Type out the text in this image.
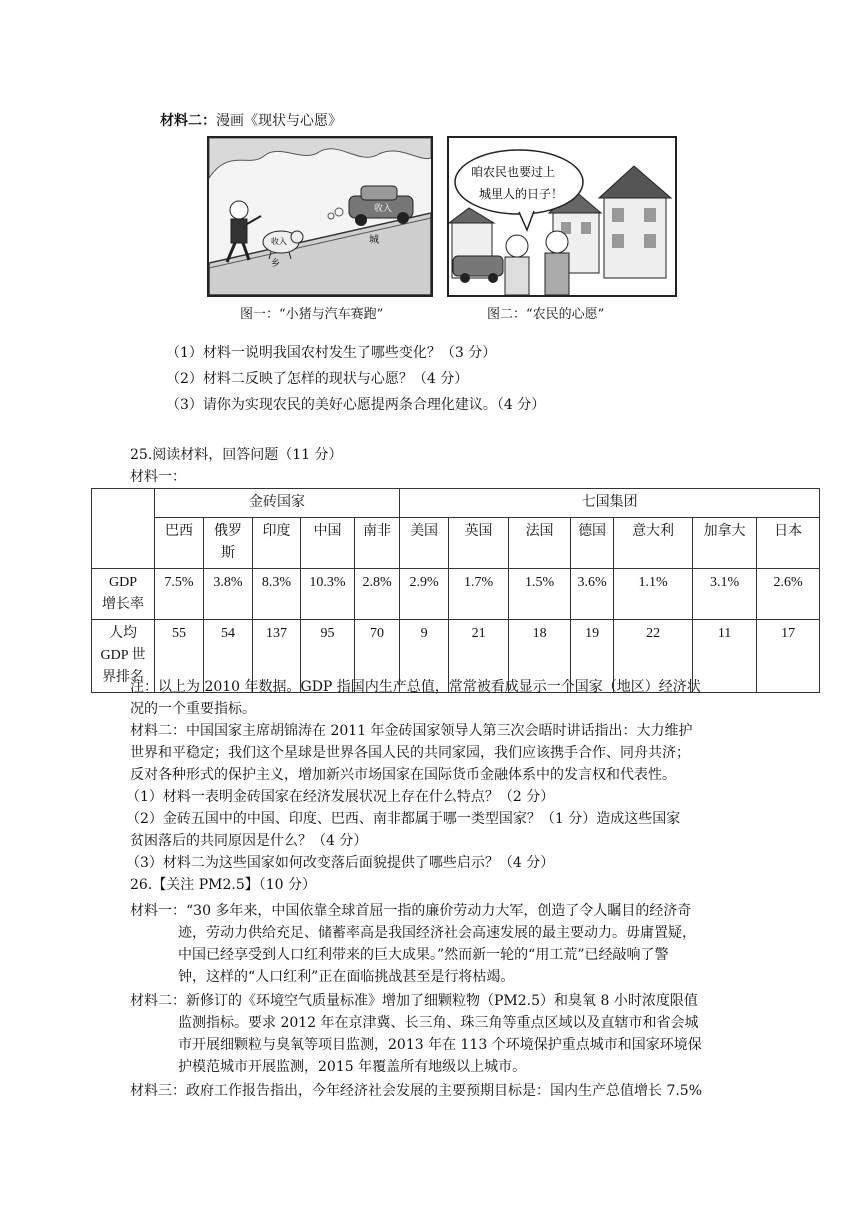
材料二：漫画《现状与心愿》
收入
收入	城
乡
咱农民也要过上
城里人的日子！
图一：“小猪与汽车赛跑”	图二：“农民的心愿”
（1）材料一说明我国农村发生了哪些变化？（3 分）
（2）材料二反映了怎样的现状与心愿？（4 分）
（3）请你为实现农民的美好心愿提两条合理化建议。（4 分）
25.阅读材料，回答问题（11 分）
材料一：
	金砖国家					七国集团						
	巴西	俄罗斯	印度	中国	南非	美国	英国	法国	德国	意大利	加拿大	日本
GDP 增长率	7.5%	3.8%	8.3%	10.3%	2.8%	2.9%	1.7%	1.5%	3.6%	1.1%	3.1%	2.6%
人均 GDP 世界排名	55	54	137	95	70	9	21	18	19	22	11	17
注：以上为 2010 年数据。GDP 指国内生产总值，常常被看成显示一个国家（地区）经济状
况的一个重要指标。
材料二：中国国家主席胡锦涛在 2011 年金砖国家领导人第三次会晤时讲话指出：大力维护
世界和平稳定；我们这个星球是世界各国人民的共同家园，我们应该携手合作、同舟共济；
反对各种形式的保护主义，增加新兴市场国家在国际货币金融体系中的发言权和代表性。
（1）材料一表明金砖国家在经济发展状况上存在什么特点？（2 分）
（2）金砖五国中的中国、印度、巴西、南非都属于哪一类型国家？（1 分）造成这些国家
贫困落后的共同原因是什么？（4 分）
（3）材料二为这些国家如何改变落后面貌提供了哪些启示？（4 分）
26.【关注 PM2.5】（10 分）
材料一：“30 多年来，中国依靠全球首屈一指的廉价劳动力大军，创造了令人瞩目的经济奇
迹，劳动力供给充足、储蓄率高是我国经济社会高速发展的最主要动力。毋庸置疑，
中国已经享受到人口红利带来的巨大成果。”然而新一轮的“用工荒”已经敲响了警
钟，这样的“人口红利”正在面临挑战甚至是行将枯竭。
材料二：新修订的《环境空气质量标准》增加了细颗粒物（PM2.5）和臭氧 8 小时浓度限值
监测指标。要求 2012 年在京津冀、长三角、珠三角等重点区域以及直辖市和省会城
市开展细颗粒与臭氧等项目监测，2013 年在 113 个环境保护重点城市和国家环境保
护模范城市开展监测，2015 年覆盖所有地级以上城市。
材料三：政府工作报告指出，今年经济社会发展的主要预期目标是：国内生产总值增长 7.5%
